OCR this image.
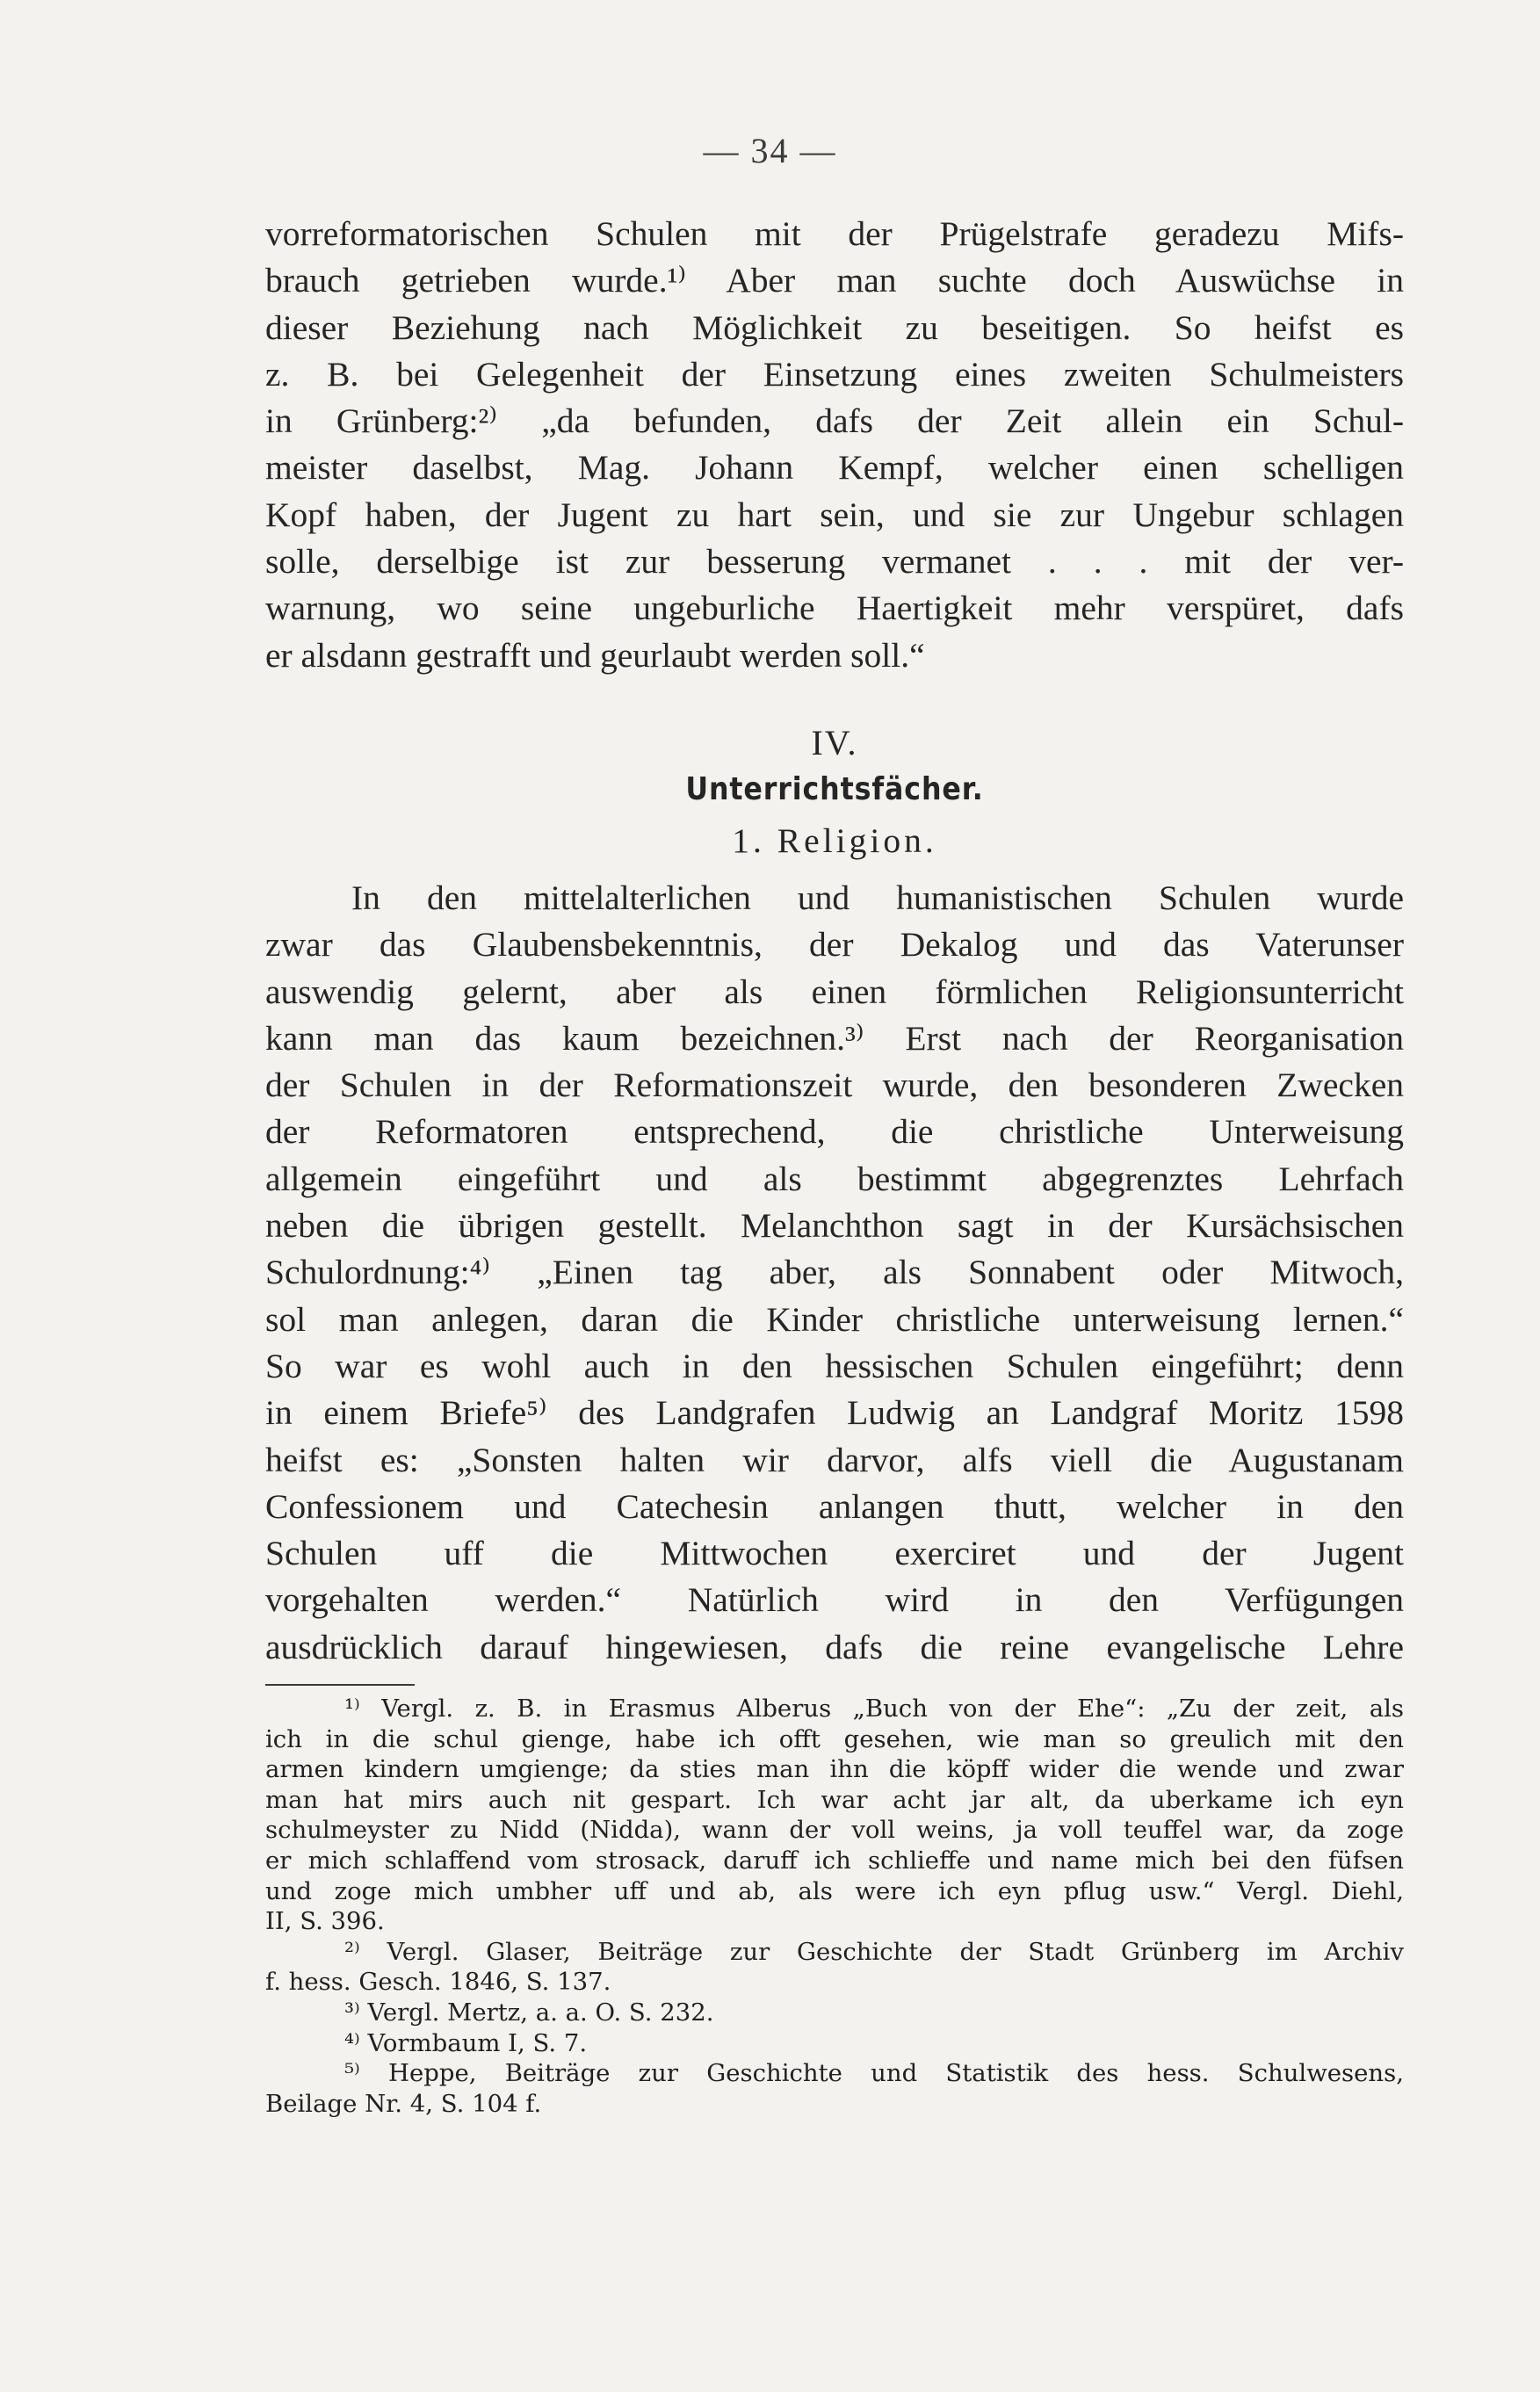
— 34 —
vorreformatorischen Schulen mit der Prügelstrafe geradezu Mifs-
brauch getrieben wurde.¹⁾ Aber man suchte doch Auswüchse in
dieser Beziehung nach Möglichkeit zu beseitigen. So heifst es
z. B. bei Gelegenheit der Einsetzung eines zweiten Schulmeisters
in Grünberg:²⁾ „da befunden, dafs der Zeit allein ein Schul-
meister daselbst, Mag. Johann Kempf, welcher einen schelligen
Kopf haben, der Jugent zu hart sein, und sie zur Ungebur schlagen
solle, derselbige ist zur besserung vermanet . . . mit der ver-
warnung, wo seine ungeburliche Haertigkeit mehr verspüret, dafs
er alsdann gestrafft und geurlaubt werden soll.“
IV.
Unterrichtsfächer.
1. Religion.
In den mittelalterlichen und humanistischen Schulen wurde
zwar das Glaubensbekenntnis, der Dekalog und das Vaterunser
auswendig gelernt, aber als einen förmlichen Religionsunterricht
kann man das kaum bezeichnen.³⁾ Erst nach der Reorganisation
der Schulen in der Reformationszeit wurde, den besonderen Zwecken
der Reformatoren entsprechend, die christliche Unterweisung
allgemein eingeführt und als bestimmt abgegrenztes Lehrfach
neben die übrigen gestellt. Melanchthon sagt in der Kursächsischen
Schulordnung:⁴⁾ „Einen tag aber, als Sonnabent oder Mitwoch,
sol man anlegen, daran die Kinder christliche unterweisung lernen.“
So war es wohl auch in den hessischen Schulen eingeführt; denn
in einem Briefe⁵⁾ des Landgrafen Ludwig an Landgraf Moritz 1598
heifst es: „Sonsten halten wir darvor, alfs viell die Augustanam
Confessionem und Catechesin anlangen thutt, welcher in den
Schulen uff die Mittwochen exerciret und der Jugent
vorgehalten werden.“ Natürlich wird in den Verfügungen
ausdrücklich darauf hingewiesen, dafs die reine evangelische Lehre
¹⁾ Vergl. z. B. in Erasmus Alberus „Buch von der Ehe“: „Zu der zeit, als
ich in die schul gienge, habe ich offt gesehen, wie man so greulich mit den
armen kindern umgienge; da sties man ihn die köpff wider die wende und zwar
man hat mirs auch nit gespart. Ich war acht jar alt, da uberkame ich eyn
schulmeyster zu Nidd (Nidda), wann der voll weins, ja voll teuffel war, da zoge
er mich schlaffend vom strosack, daruff ich schlieffe und name mich bei den füfsen
und zoge mich umbher uff und ab, als were ich eyn pflug usw.“ Vergl. Diehl,
II, S. 396.
²⁾ Vergl. Glaser, Beiträge zur Geschichte der Stadt Grünberg im Archiv
f. hess. Gesch. 1846, S. 137.
³⁾ Vergl. Mertz, a. a. O. S. 232.
⁴⁾ Vormbaum I, S. 7.
⁵⁾ Heppe, Beiträge zur Geschichte und Statistik des hess. Schulwesens,
Beilage Nr. 4, S. 104 f.
